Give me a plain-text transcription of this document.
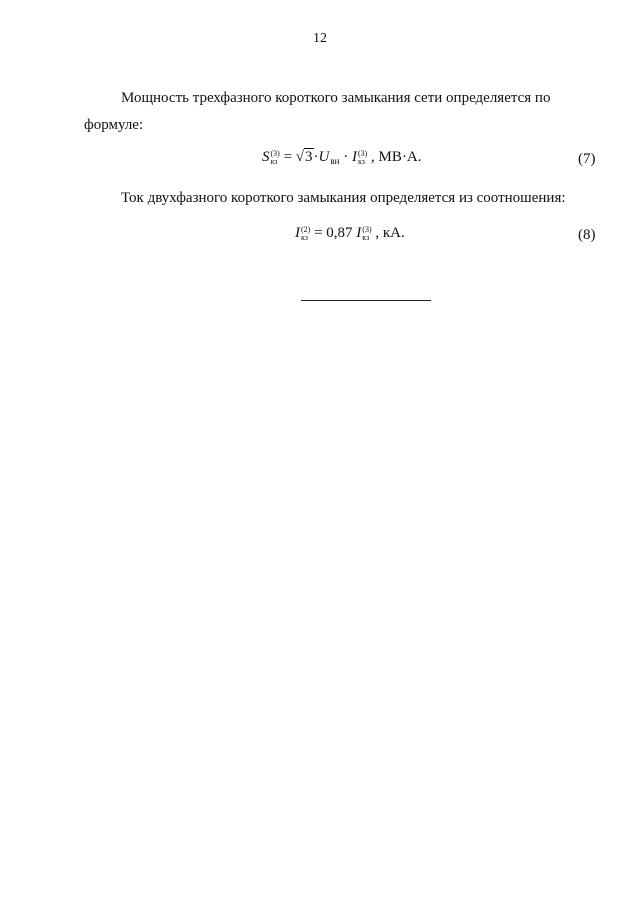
12
Мощность трехфазного короткого замыкания сети определяется по
формуле:
S (3)
кз = $√3\cdot U_{вн} \cdot I$ (3)
кз , МВ·А.	(7)
Ток двухфазного короткого замыкания определяется из соотношения:
I (2)
кз = 0,87 I (3)
кз , кА.	(8)
